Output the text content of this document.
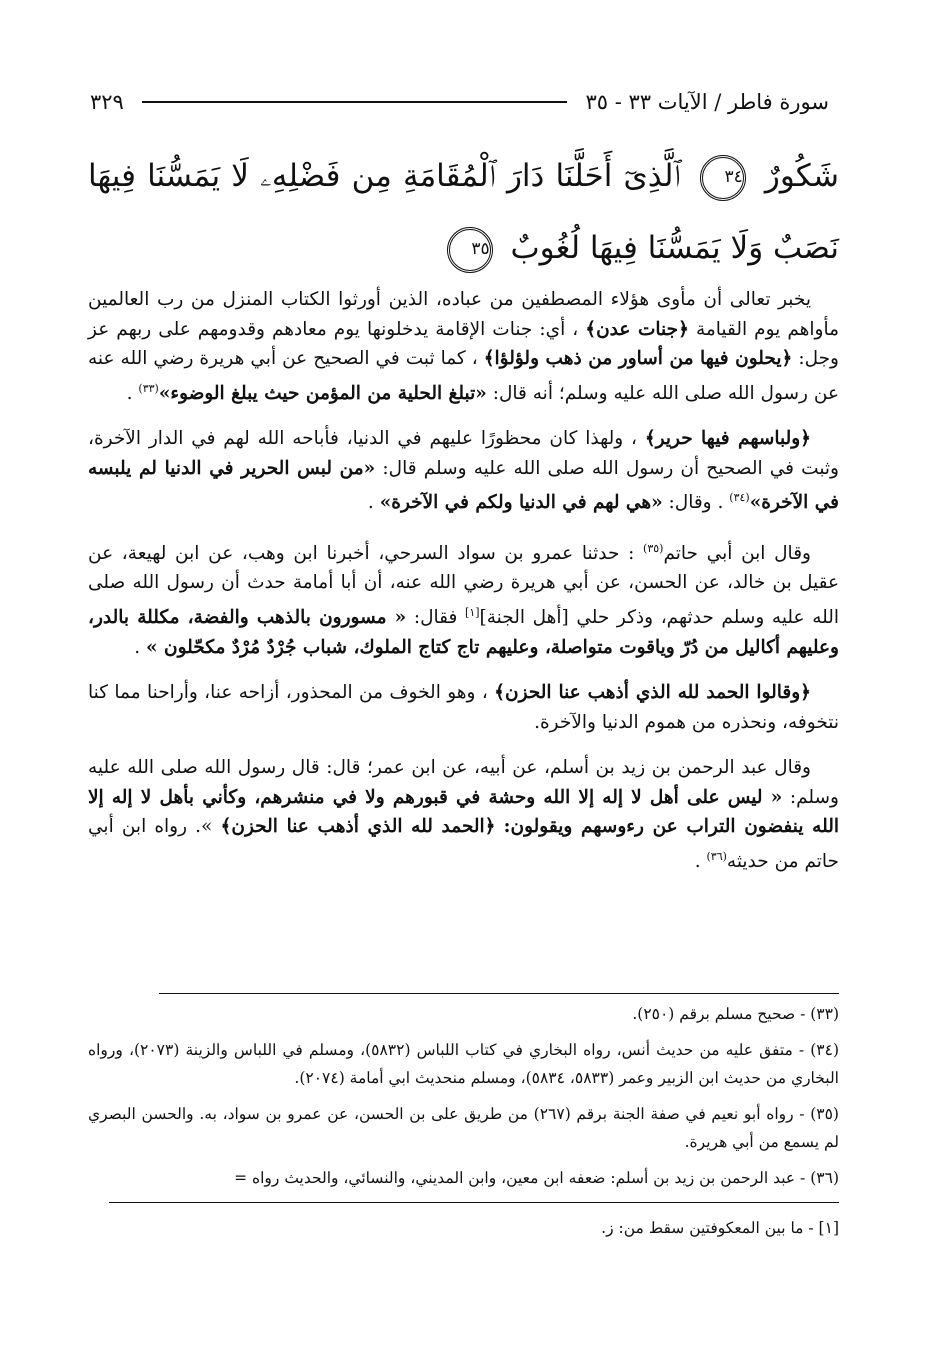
سورة فاطر / الآيات ٣٣ - ٣٥
٣٢٩
شَكُورٌ ٣٤ ٱلَّذِىٓ أَحَلَّنَا دَارَ ٱلْمُقَامَةِ مِن فَضْلِهِۦ لَا يَمَسُّنَا فِيهَا نَصَبٌ وَلَا يَمَسُّنَا فِيهَا لُغُوبٌ ٣٥

يخبر تعالى أن مأوى هؤلاء المصطفين من عباده، الذين أورثوا الكتاب المنزل من رب العالمين مأواهم يوم القيامة ﴿جنات عدن﴾ ، أي: جنات الإقامة يدخلونها يوم معادهم وقدومهم على ربهم عز وجل: ﴿يحلون فيها من أساور من ذهب ولؤلؤا﴾ ، كما ثبت في الصحيح عن أبي هريرة رضي الله عنه عن رسول الله صلى الله عليه وسلم؛ أنه قال: «تبلغ الحلية من المؤمن حيث يبلغ الوضوء»$^{(٣٣)}$ .

﴿ولباسهم فيها حرير﴾ ، ولهذا كان محظورًا عليهم في الدنيا، فأباحه الله لهم في الدار الآخرة، وثبت في الصحيح أن رسول الله صلى الله عليه وسلم قال: «من لبس الحرير في الدنيا لم يلبسه في الآخرة»$^{(٣٤)}$ . وقال: «هي لهم في الدنيا ولكم في الآخرة» .

وقال ابن أبي حاتم$^{(٣٥)}$ : حدثنا عمرو بن سواد السرحي، أخبرنا ابن وهب، عن ابن لهيعة، عن عقيل بن خالد، عن الحسن، عن أبي هريرة رضي الله عنه، أن أبا أمامة حدث أن رسول الله صلى الله عليه وسلم حدثهم، وذكر حلي [أهل الجنة][١] فقال: « مسورون بالذهب والفضة، مكللة بالدر، وعليهم أكاليل من دُرّ وياقوت متواصلة، وعليهم تاج كتاج الملوك، شباب جُرْدٌ مُرْدٌ مكحّلون » .

﴿وقالوا الحمد لله الذي أذهب عنا الحزن﴾ ، وهو الخوف من المحذور، أزاحه عنا، وأراحنا مما كنا نتخوفه، ونحذره من هموم الدنيا والآخرة.

وقال عبد الرحمن بن زيد بن أسلم، عن أبيه، عن ابن عمر؛ قال: قال رسول الله صلى الله عليه وسلم: « ليس على أهل لا إله إلا الله وحشة في قبورهم ولا في منشرهم، وكأني بأهل لا إله إلا الله ينفضون التراب عن رءوسهم ويقولون: ﴿الحمد لله الذي أذهب عنا الحزن﴾ ». رواه ابن أبي حاتم من حديثه$^{(٣٦)}$ .

(٣٣) - صحيح مسلم برقم (٢٥٠).
(٣٤) - متفق عليه من حديث أنس، رواه البخاري في كتاب اللباس (٥٨٣٢)، ومسلم في اللباس والزينة (٢٠٧٣)، ورواه البخاري من حديث ابن الزبير وعمر (٥٨٣٣، ٥٨٣٤)، ومسلم منحديث ابي أمامة (٢٠٧٤).
(٣٥) - رواه أبو نعيم في صفة الجنة برقم (٢٦٧) من طريق على بن الحسن، عن عمرو بن سواد، به. والحسن البصري لم يسمع من أبي هريرة.
(٣٦) - عبد الرحمن بن زيد بن أسلم: ضعفه ابن معين، وابن المديني، والنسائي، والحديث رواه =
[١] - ما بين المعكوفتين سقط من: ز.
